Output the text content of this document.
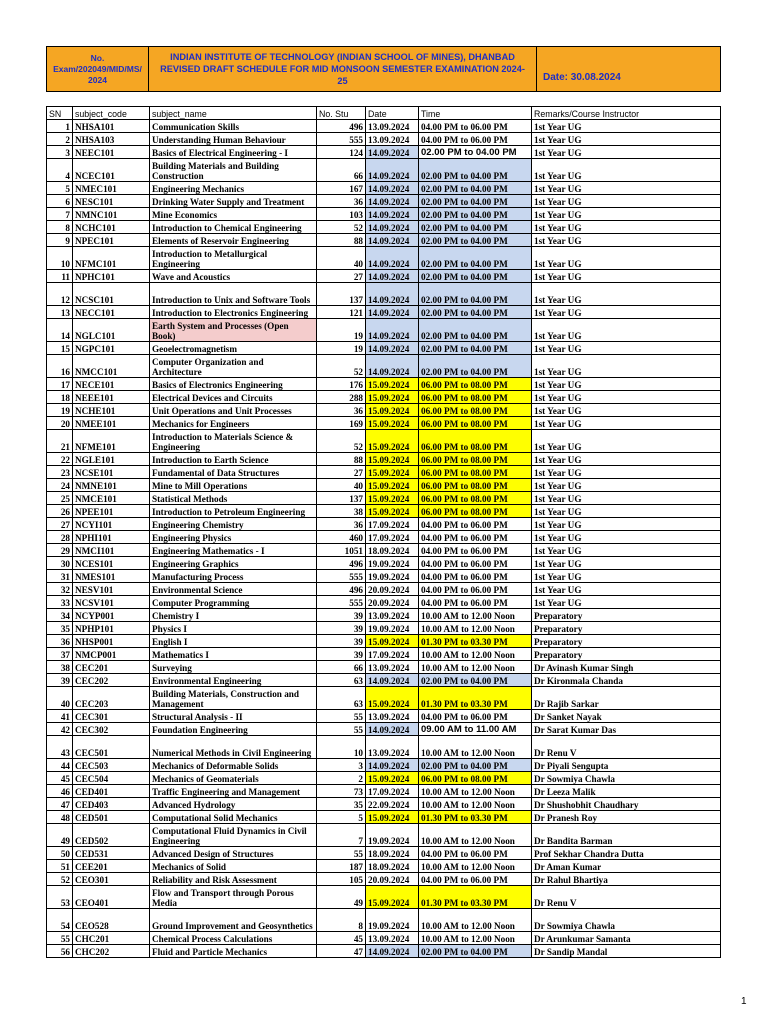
No.
Exam/202049/MID/MS/
2024

INDIAN INSTITUTE OF TECHNOLOGY (INDIAN SCHOOL OF MINES), DHANBAD
REVISED DRAFT SCHEDULE FOR MID MONSOON SEMESTER EXAMINATION 2024-
25	Date: 30.08.2024
SN	subject_code	subject_name	No. Stu	Date	Time	Remarks/Course Instructor
1	NHSA101	Communication Skills	496	13.09.2024	04.00 PM to 06.00 PM	1st Year UG
2	NHSA103	Understanding Human Behaviour	555	13.09.2024	04.00 PM to 06.00 PM	1st Year UG
3	NEEC101	Basics of Electrical Engineering - I	124	14.09.2024	02.00 PM to 04.00 PM	1st Year UG
4	NCEC101	Building Materials and Building Construction	66	14.09.2024	02.00 PM to 04.00 PM	1st Year UG
5	NMEC101	Engineering Mechanics	167	14.09.2024	02.00 PM to 04.00 PM	1st Year UG
6	NESC101	Drinking Water Supply and Treatment	36	14.09.2024	02.00 PM to 04.00 PM	1st Year UG
7	NMNC101	Mine Economics	103	14.09.2024	02.00 PM to 04.00 PM	1st Year UG
8	NCHC101	Introduction to Chemical Engineering	52	14.09.2024	02.00 PM to 04.00 PM	1st Year UG
9	NPEC101	Elements of Reservoir Engineering	88	14.09.2024	02.00 PM to 04.00 PM	1st Year UG
10	NFMC101	Introduction to Metallurgical Engineering	40	14.09.2024	02.00 PM to 04.00 PM	1st Year UG
11	NPHC101	Wave and Acoustics	27	14.09.2024	02.00 PM to 04.00 PM	1st Year UG
12	NCSC101	Introduction to Unix and Software Tools	137	14.09.2024	02.00 PM to 04.00 PM	1st Year UG
13	NECC101	Introduction to Electronics Engineering	121	14.09.2024	02.00 PM to 04.00 PM	1st Year UG
14	NGLC101	Earth System and Processes (Open Book)	19	14.09.2024	02.00 PM to 04.00 PM	1st Year UG
15	NGPC101	Geoelectromagnetism	19	14.09.2024	02.00 PM to 04.00 PM	1st Year UG
16	NMCC101	Computer Organization and Architecture	52	14.09.2024	02.00 PM to 04.00 PM	1st Year UG
17	NECE101	Basics of Electronics Engineering	176	15.09.2024	06.00 PM to 08.00 PM	1st Year UG
18	NEEE101	Electrical Devices and Circuits	288	15.09.2024	06.00 PM to 08.00 PM	1st Year UG
19	NCHE101	Unit Operations and Unit Processes	36	15.09.2024	06.00 PM to 08.00 PM	1st Year UG
20	NMEE101	Mechanics for Engineers	169	15.09.2024	06.00 PM to 08.00 PM	1st Year UG
21	NFME101	Introduction to Materials Science & Engineering	52	15.09.2024	06.00 PM to 08.00 PM	1st Year UG
22	NGLE101	Introduction to Earth Science	88	15.09.2024	06.00 PM to 08.00 PM	1st Year UG
23	NCSE101	Fundamental of Data Structures	27	15.09.2024	06.00 PM to 08.00 PM	1st Year UG
24	NMNE101	Mine to Mill Operations	40	15.09.2024	06.00 PM to 08.00 PM	1st Year UG
25	NMCE101	Statistical Methods	137	15.09.2024	06.00 PM to 08.00 PM	1st Year UG
26	NPEE101	Introduction to Petroleum Engineering	38	15.09.2024	06.00 PM to 08.00 PM	1st Year UG
27	NCYI101	Engineering Chemistry	36	17.09.2024	04.00 PM to 06.00 PM	1st Year UG
28	NPHI101	Engineering Physics	460	17.09.2024	04.00 PM to 06.00 PM	1st Year UG
29	NMCI101	Engineering Mathematics - I	1051	18.09.2024	04.00 PM to 06.00 PM	1st Year UG
30	NCES101	Engineering Graphics	496	19.09.2024	04.00 PM to 06.00 PM	1st Year UG
31	NMES101	Manufacturing Process	555	19.09.2024	04.00 PM to 06.00 PM	1st Year UG
32	NESV101	Environmental Science	496	20.09.2024	04.00 PM to 06.00 PM	1st Year UG
33	NCSV101	Computer Programming	555	20.09.2024	04.00 PM to 06.00 PM	1st Year UG
34	NCYP001	Chemistry I	39	13.09.2024	10.00 AM to 12.00 Noon	Preparatory
35	NPHP101	Physics I	39	19.09.2024	10.00 AM to 12.00 Noon	Preparatory
36	NHSP001	English I	39	15.09.2024	01.30 PM to 03.30 PM	Preparatory
37	NMCP001	Mathematics I	39	17.09.2024	10.00 AM to 12.00 Noon	Preparatory
38	CEC201	Surveying	66	13.09.2024	10.00 AM to 12.00 Noon	Dr Avinash Kumar Singh
39	CEC202	Environmental Engineering	63	14.09.2024	02.00 PM to 04.00 PM	Dr Kironmala Chanda
40	CEC203	Building Materials, Construction and Management	63	15.09.2024	01.30 PM to 03.30 PM	Dr Rajib Sarkar
41	CEC301	Structural Analysis - II	55	13.09.2024	04.00 PM to 06.00 PM	Dr Sanket Nayak
42	CEC302	Foundation Engineering	55	14.09.2024	09.00 AM to 11.00 AM	Dr Sarat Kumar Das
43	CEC501	Numerical Methods in Civil Engineering	10	13.09.2024	10.00 AM to 12.00 Noon	Dr Renu V
44	CEC503	Mechanics of Deformable Solids	3	14.09.2024	02.00 PM to 04.00 PM	Dr Piyali Sengupta
45	CEC504	Mechanics of Geomaterials	2	15.09.2024	06.00 PM to 08.00 PM	Dr Sowmiya Chawla
46	CED401	Traffic Engineering and Management	73	17.09.2024	10.00 AM to 12.00 Noon	Dr Leeza Malik
47	CED403	Advanced Hydrology	35	22.09.2024	10.00 AM to 12.00 Noon	Dr Shushobhit Chaudhary
48	CED501	Computational Solid Mechanics	5	15.09.2024	01.30 PM to 03.30 PM	Dr Pranesh Roy
49	CED502	Computational Fluid Dynamics in Civil Engineering	7	19.09.2024	10.00 AM to 12.00 Noon	Dr Bandita Barman
50	CED531	Advanced Design of Structures	55	18.09.2024	04.00 PM to 06.00 PM	Prof Sekhar Chandra Dutta
51	CEE201	Mechanics of Solid	187	18.09.2024	10.00 AM to 12.00 Noon	Dr Aman Kumar
52	CEO301	Reliability and Risk Assessment	105	20.09.2024	04.00 PM to 06.00 PM	Dr Rahul Bhartiya
53	CEO401	Flow and Transport through Porous Media	49	15.09.2024	01.30 PM to 03.30 PM	Dr Renu V
54	CEO528	Ground Improvement and Geosynthetics	8	19.09.2024	10.00 AM to 12.00 Noon	Dr Sowmiya Chawla
55	CHC201	Chemical Process Calculations	45	13.09.2024	10.00 AM to 12.00 Noon	Dr Arunkumar Samanta
56	CHC202	Fluid and Particle Mechanics	47	14.09.2024	02.00 PM to 04.00 PM	Dr Sandip Mandal
1
